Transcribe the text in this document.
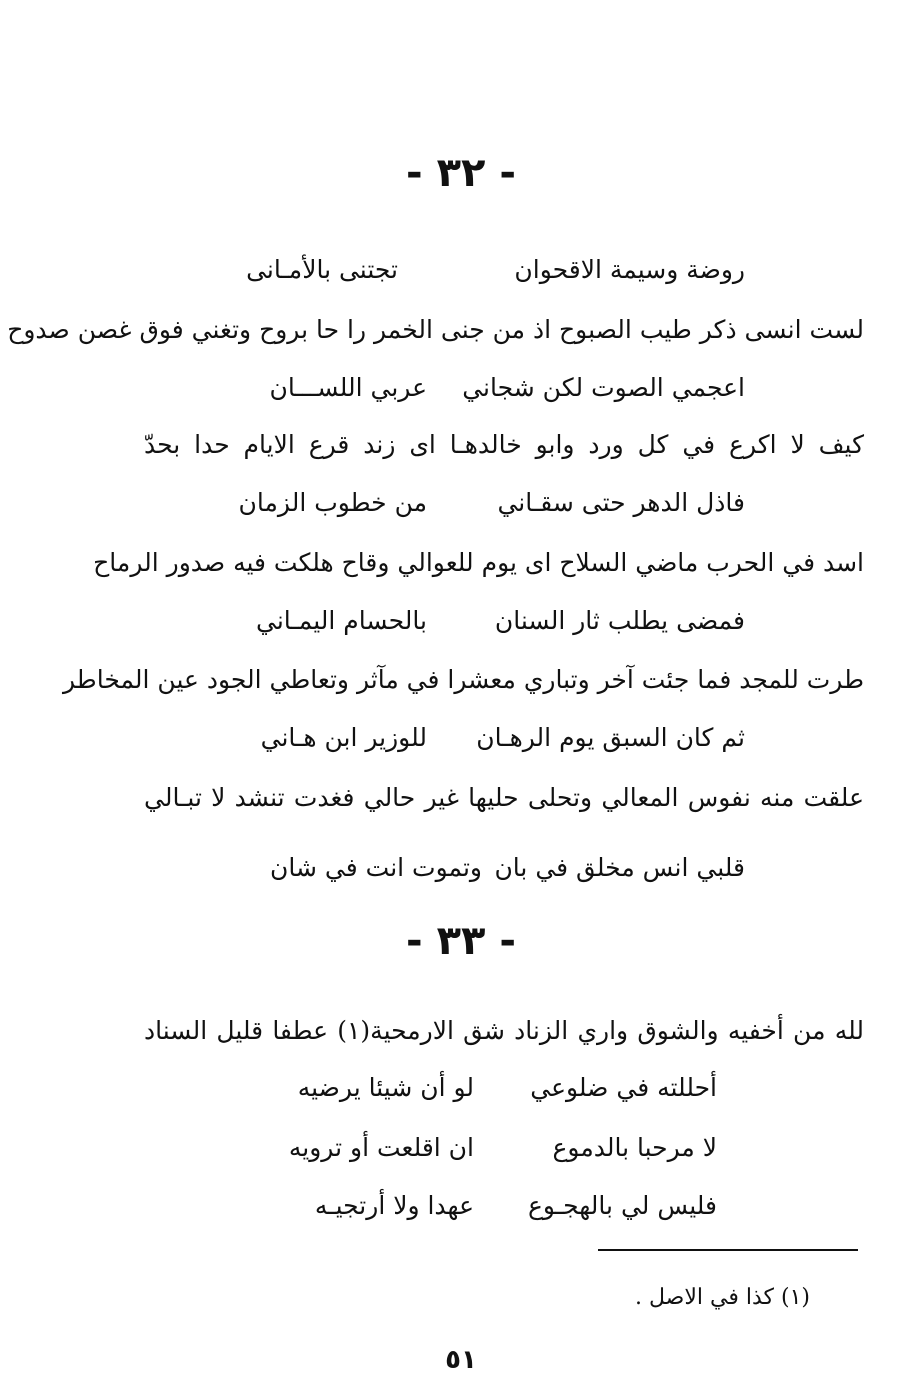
- ٣٢ -
روضة وسيمة الاقحوان
تجتنى بالأمـانى
لست انسى ذكر طيب الصبوح اذ من جنى الخمر را حا بروح وتغني فوق غصن صدوح
اعجمي الصوت لكن شجاني
عربي اللســـان
كيف لا اكرع في كل ورد وابو خالدهـا اى زند قرع الايام حدا بحدّ
فاذل الدهر حتى سقـاني
من خطوب الزمان
اسد في الحرب ماضي السلاح اى يوم للعوالي وقاح هلكت فيه صدور الرماح
فمضى يطلب ثار السنان
بالحسام اليمـاني
طرت للمجد فما جئت آخر وتباري معشرا في مآثر وتعاطي الجود عين المخاطر
ثم كان السبق يوم الرهـان
للوزير ابن هـاني
علقت منه نفوس المعالي وتحلى حليها غير حالي فغدت تنشد لا تبـالي
قلبي انس مخلق في بان
وتموت انت في شان
- ٣٣ -
لله من أخفيه والشوق واري الزناد شق الارمحية(١) عطفا قليل السناد
أحللته في ضلوعي
لو أن شيئا يرضيه
لا مرحبا بالدموع
ان اقلعت أو ترويه
فليس لي بالهجـوع
عهدا ولا أرتجيـه
(١) كذا في الاصل .
٥١
